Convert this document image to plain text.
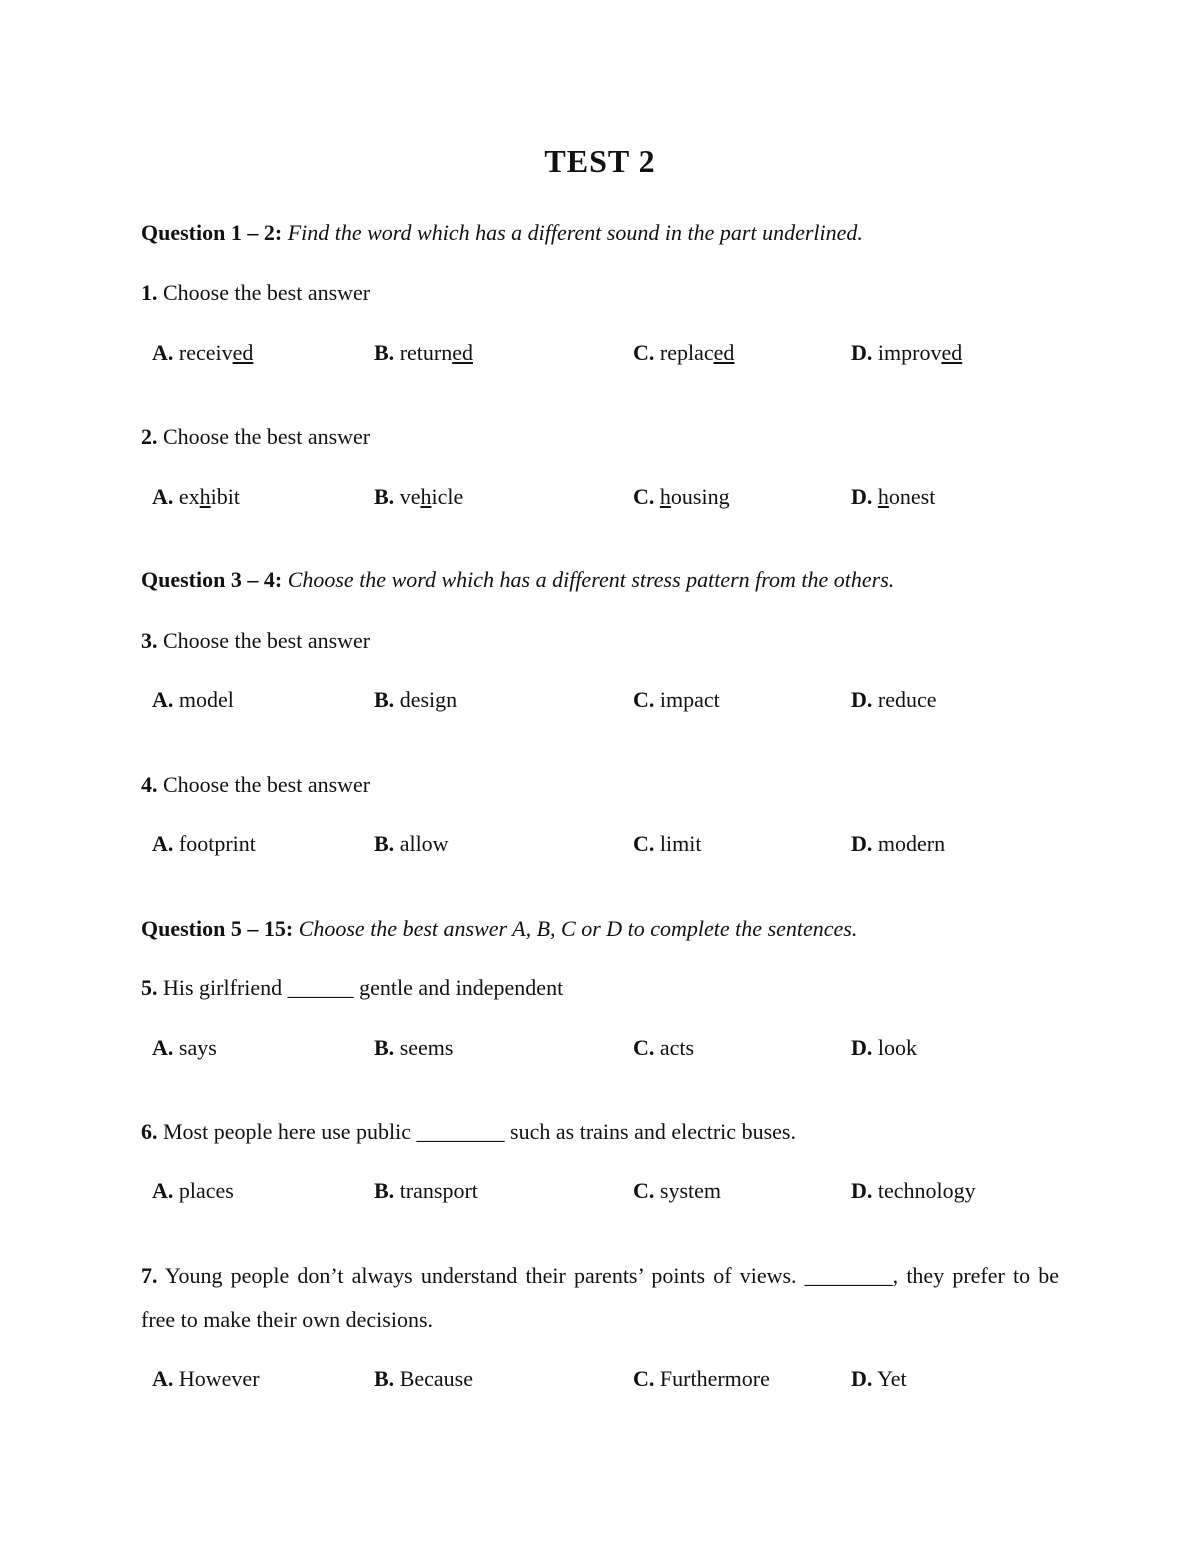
TEST 2
Question 1 – 2: Find the word which has a different sound in the part underlined.
1. Choose the best answer
A. received	B. returned	C. replaced	D. improved
2. Choose the best answer
A. exhibit	B. vehicle	C. housing	D. honest
Question 3 – 4: Choose the word which has a different stress pattern from the others.
3. Choose the best answer
A. model	B. design	C. impact	D. reduce
4. Choose the best answer
A. footprint	B. allow	C. limit	D. modern
Question 5 – 15: Choose the best answer A, B, C or D to complete the sentences.
5. His girlfriend ______ gentle and independent
A. says	B. seems	C. acts	D. look
6. Most people here use public ________ such as trains and electric buses.
A. places	B. transport	C. system	D. technology
7. Young people don’t always understand their parents’ points of views. ________, they prefer to be free to make their own decisions.
A. However	B. Because	C. Furthermore	D. Yet
